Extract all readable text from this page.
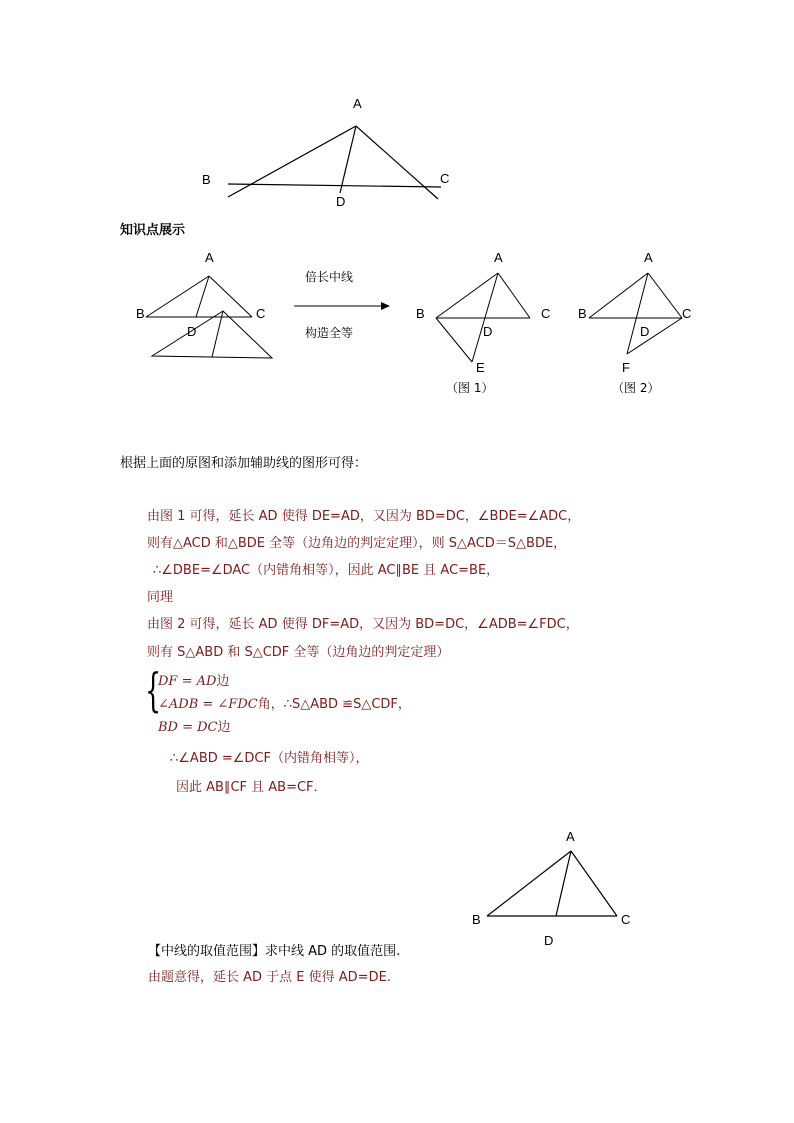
A
B	C
D
知识点展示
A
B	C
D
倍长中线
构造全等
A
B	C
D
E
（图 1）
A
B	C
D
F
（图 2）
根据上面的原图和添加辅助线的图形可得：
由图 1 可得，延长 AD 使得 DE=AD，又因为 BD=DC，∠BDE=∠ADC，
则有△ACD 和△BDE 全等（边角边的判定定理），则 S△ACD＝S△BDE，
∴∠DBE=∠DAC（内错角相等），因此 AC∥BE 且 AC=BE，
同理
由图 2 可得，延长 AD 使得 DF=AD，又因为 BD=DC，∠ADB=∠FDC，
则有 S△ABD 和 S△CDF 全等（边角边的判定定理）
{
DF = AD边
∠ADB = ∠FDC角，∴S△ABD ≌S△CDF，
BD = DC边
∴∠ABD =∠DCF（内错角相等），
因此 AB∥CF 且 AB=CF．
A
B	C
D
【中线的取值范围】求中线 AD 的取值范围.
由题意得，延长 AD 于点 E 使得 AD=DE.
